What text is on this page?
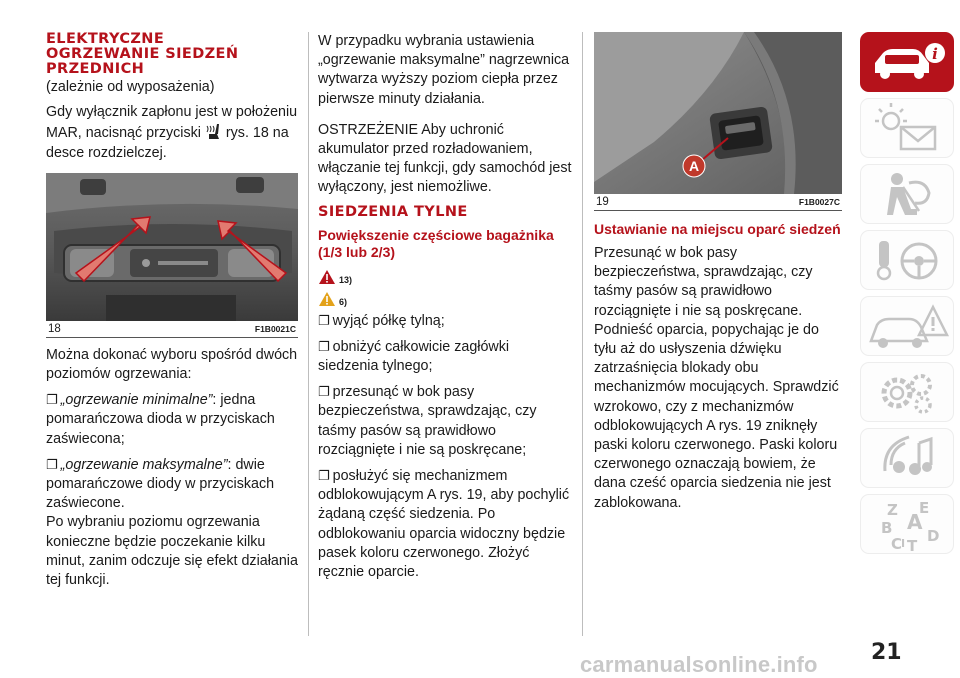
ELEKTRYCZNE
OGRZEWANIE SIEDZEŃ
PRZEDNICH

(zależnie od wyposażenia)

Gdy wyłącznik zapłonu jest w położeniu MAR, nacisnąć przyciski rys. 18 na desce rozdzielczej.

18	F1B0021C

Można dokonać wyboru spośród dwóch poziomów ogrzewania:

❐ „ogrzewanie minimalne”: jedna pomarańczowa dioda w przyciskach zaświecona;

❐ „ogrzewanie maksymalne”: dwie pomarańczowe diody w przyciskach zaświecone.

Po wybraniu poziomu ogrzewania konieczne będzie poczekanie kilku minut, zanim odczuje się efekt działania tej funkcji.

W przypadku wybrania ustawienia „ogrzewanie maksymalne” nagrzewnica wytwarza wyższy poziom ciepła przez pierwsze minuty działania.

OSTRZEŻENIE Aby uchronić akumulator przed rozładowaniem, włączanie tej funkcji, gdy samochód jest wyłączony, jest niemożliwe.

SIEDZENIA TYLNE
Powiększenie częściowe bagażnika (1/3 lub 2/3)
13)
6)

❐ wyjąć półkę tylną;

❐ obniżyć całkowicie zagłówki siedzenia tylnego;

❐ przesunąć w bok pasy bezpieczeństwa, sprawdzając, czy taśmy pasów są prawidłowo rozciągnięte i nie są poskręcane;

❐ posłużyć się mechanizmem odblokowującym A rys. 19, aby pochylić żądaną część siedzenia. Po odblokowaniu oparcia widoczny będzie pasek koloru czerwonego. Złożyć ręcznie oparcie.

A
19	F1B0027C
Ustawianie na miejscu oparć siedzeń

Przesunąć w bok pasy bezpieczeństwa, sprawdzając, czy taśmy pasów są prawidłowo rozciągnięte i nie są poskręcane. Podnieść oparcia, popychając je do tyłu aż do usłyszenia dźwięku zatrzaśnięcia blokady obu mechanizmów mocujących. Sprawdzić wzrokowo, czy z mechanizmów odblokowujących A rys. 19 zniknęły paski koloru czerwonego. Paski koloru czerwonego oznaczają bowiem, że dana cześć oparcia siedzenia nie jest zablokowana.

i
Z E
B A
C T
D
I
21
carmanualsonline.info
